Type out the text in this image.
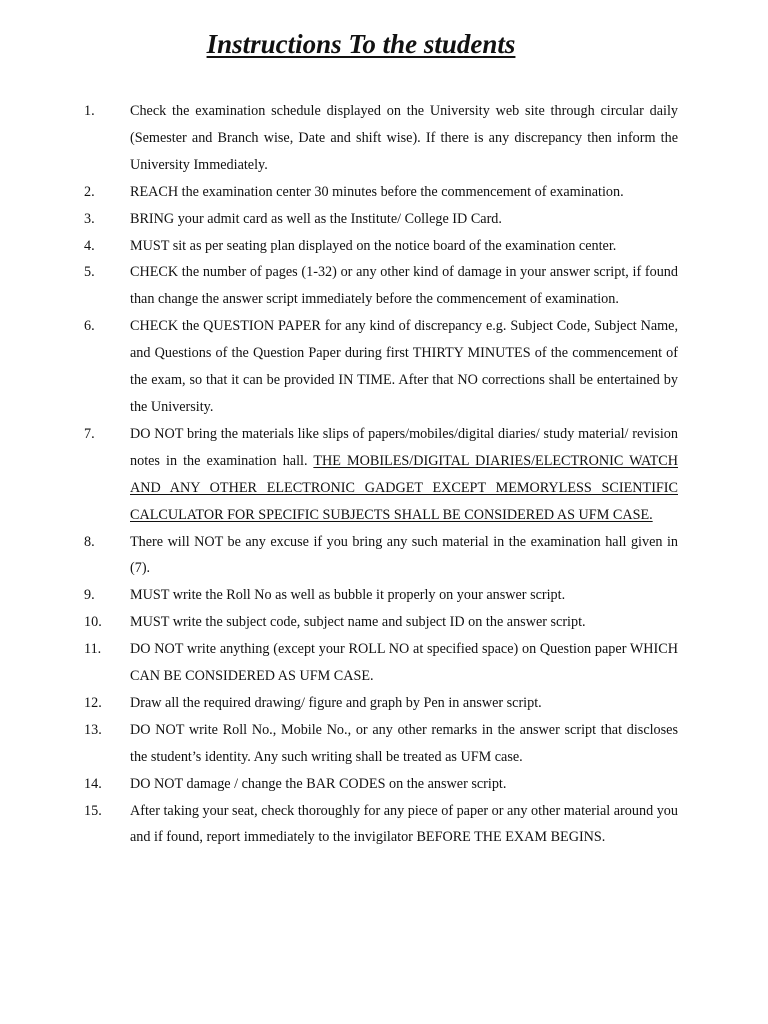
Instructions To the students
1. Check the examination schedule displayed on the University web site through circular daily (Semester and Branch wise, Date and shift wise). If there is any discrepancy then inform the University Immediately.
2. REACH the examination center 30 minutes before the commencement of examination.
3. BRING your admit card as well as the Institute/ College ID Card.
4. MUST sit as per seating plan displayed on the notice board of the examination center.
5. CHECK the number of pages (1-32) or any other kind of damage in your answer script, if found than change the answer script immediately before the commencement of examination.
6. CHECK the QUESTION PAPER for any kind of discrepancy e.g. Subject Code, Subject Name, and Questions of the Question Paper during first THIRTY MINUTES of the commencement of the exam, so that it can be provided IN TIME. After that NO corrections shall be entertained by the University.
7. DO NOT bring the materials like slips of papers/mobiles/digital diaries/ study material/ revision notes in the examination hall. THE MOBILES/DIGITAL DIARIES/ELECTRONIC WATCH AND ANY OTHER ELECTRONIC GADGET EXCEPT MEMORYLESS SCIENTIFIC CALCULATOR FOR SPECIFIC SUBJECTS SHALL BE CONSIDERED AS UFM CASE.
8. There will NOT be any excuse if you bring any such material in the examination hall given in (7).
9. MUST write the Roll No as well as bubble it properly on your answer script.
10. MUST write the subject code, subject name and subject ID on the answer script.
11. DO NOT write anything (except your ROLL NO at specified space) on Question paper WHICH CAN BE CONSIDERED AS UFM CASE.
12. Draw all the required drawing/ figure and graph by Pen in answer script.
13. DO NOT write Roll No., Mobile No., or any other remarks in the answer script that discloses the student’s identity. Any such writing shall be treated as UFM case.
14. DO NOT damage / change the BAR CODES on the answer script.
15. After taking your seat, check thoroughly for any piece of paper or any other material around you and if found, report immediately to the invigilator BEFORE THE EXAM BEGINS.
